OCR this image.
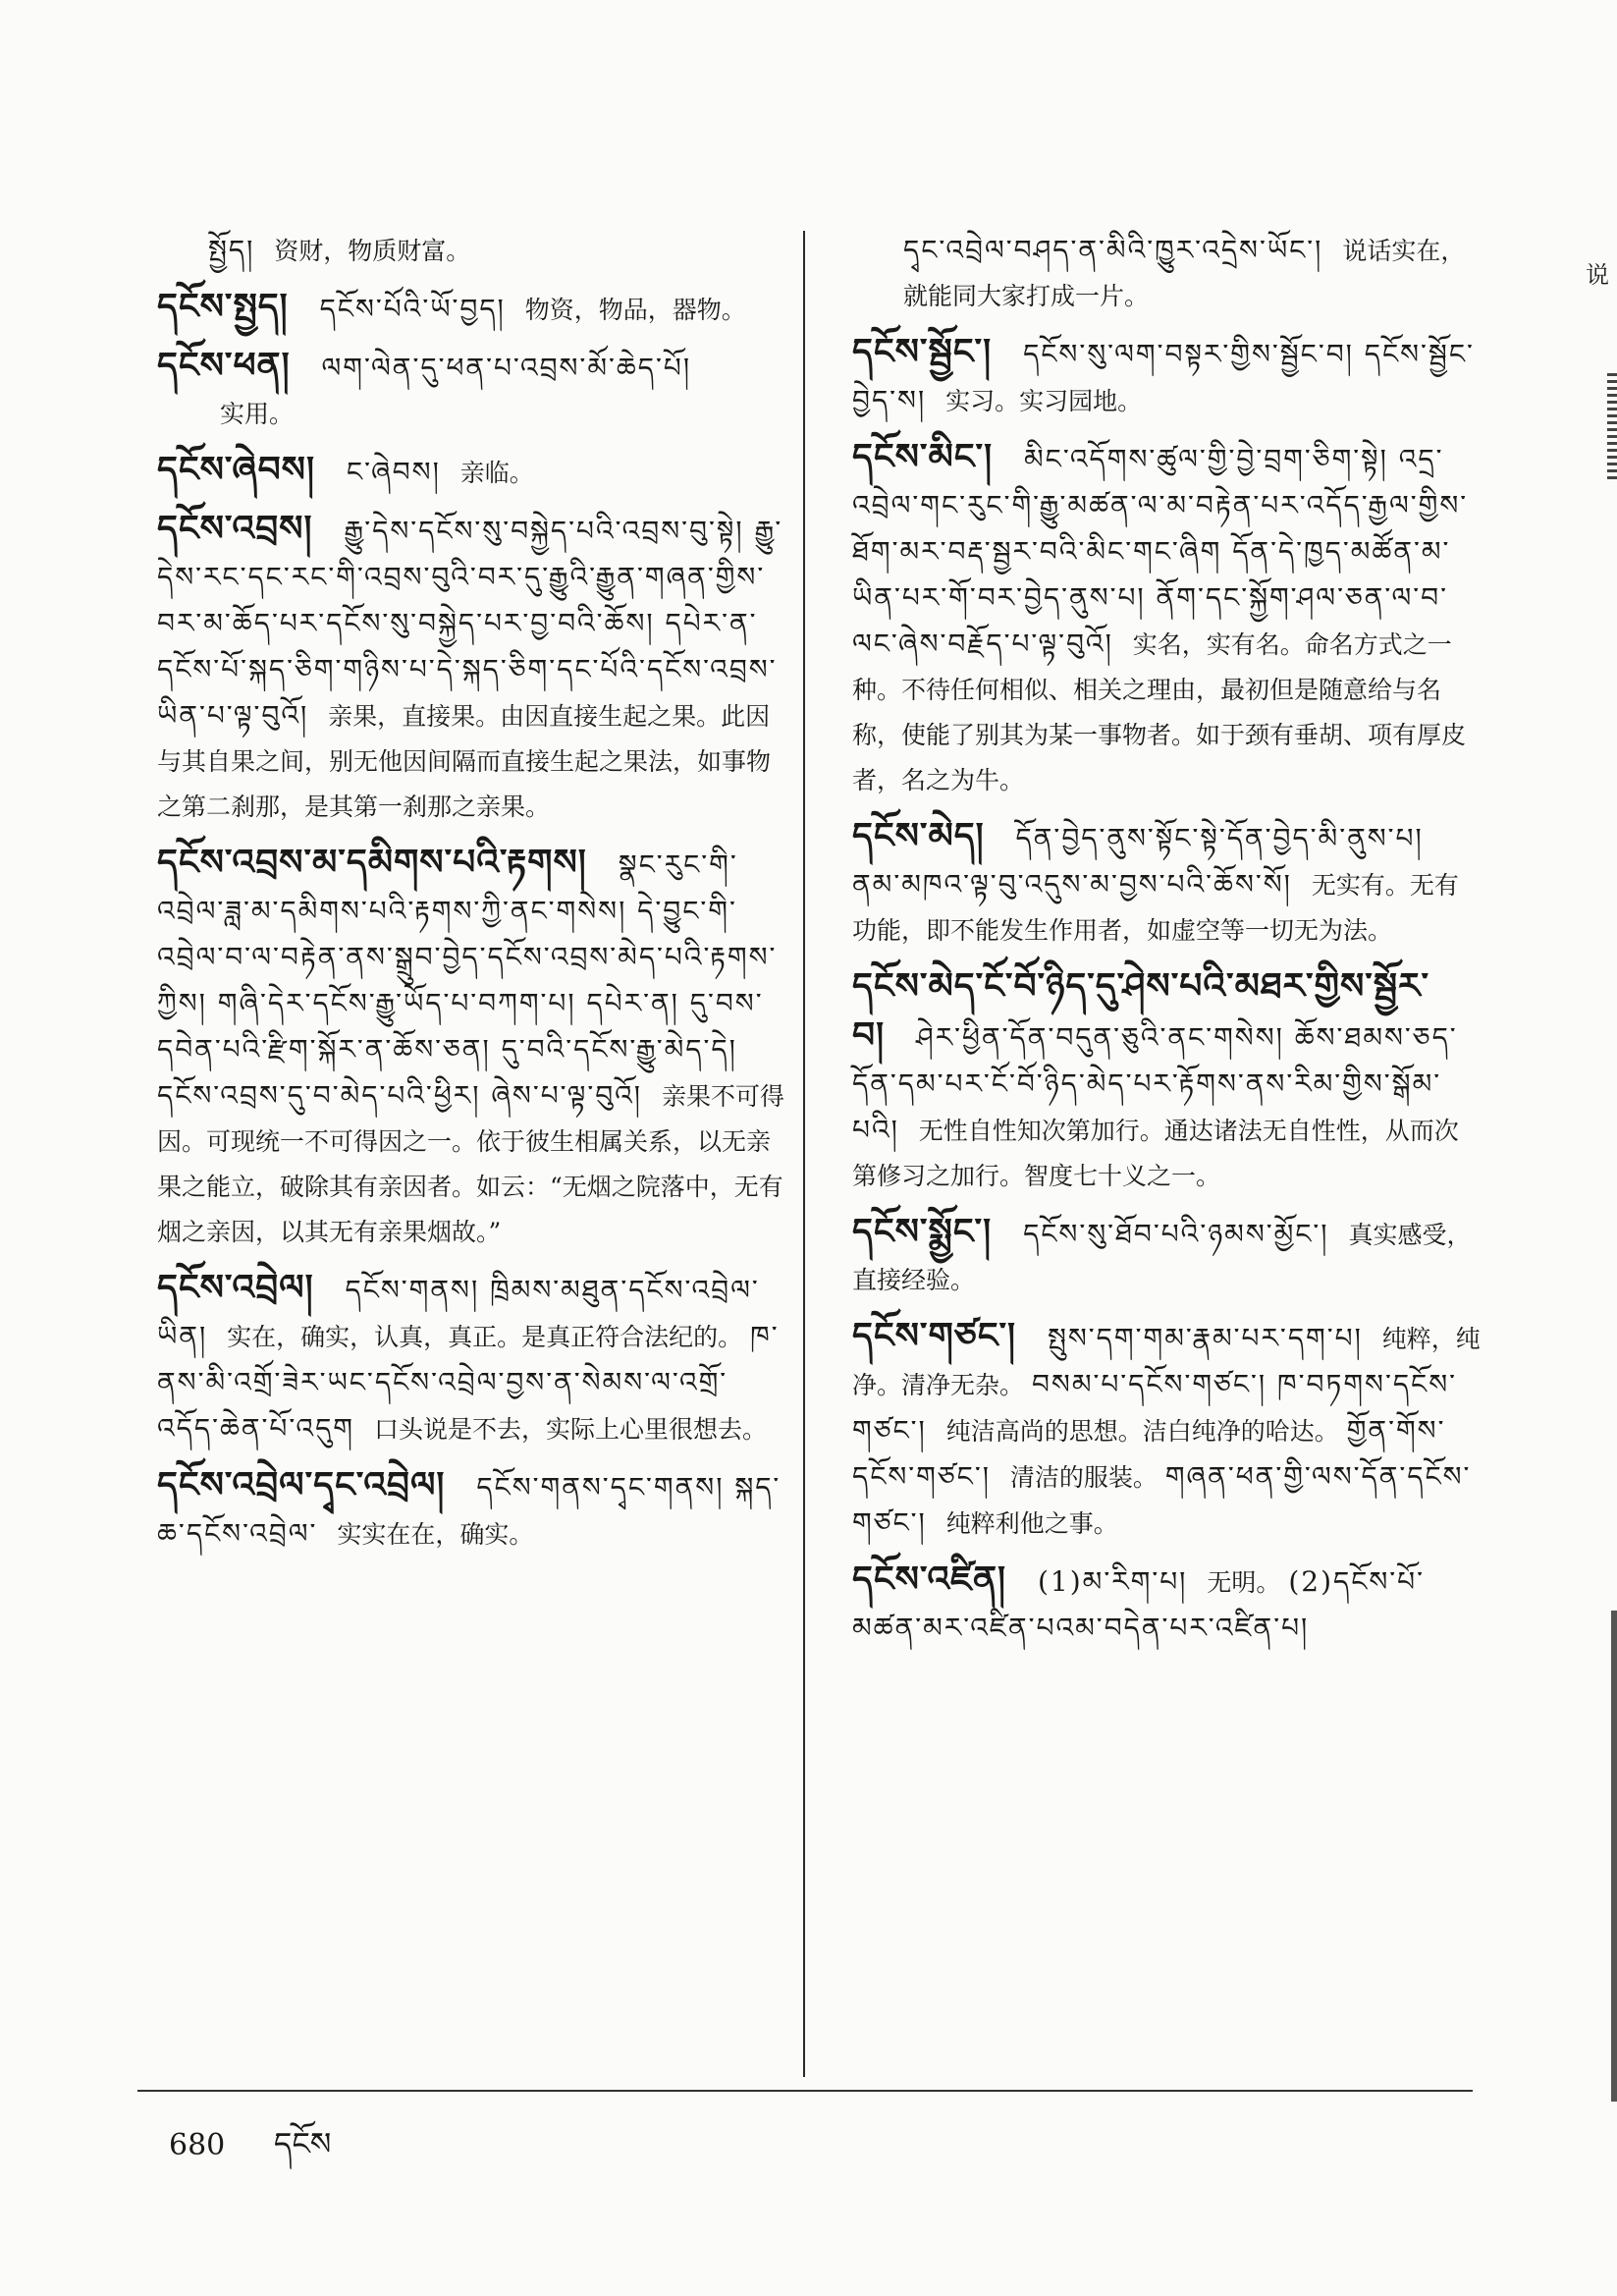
སྤྱོད། 资财，物质财富。
དངོས་སྤྱད། དངོས་པོའི་ཡོ་བྱད། 物资，物品，器物。
དངོས་ཕན། ལག་ལེན་དུ་ཕན་པ་འབྲས་མོ་ཆེད་པོ།
实用。
དངོས་ཞེབས། ང་ཞེབས། 亲临。
དངོས་འབྲས། རྒྱུ་དེས་དངོས་སུ་བསྐྱེད་པའི་འབྲས་བུ་སྟེ། རྒྱུ་དེས་རང་དང་རང་གི་འབྲས་བུའི་བར་དུ་རྒྱུའི་རྒྱུན་གཞན་གྱིས་བར་མ་ཆོད་པར་དངོས་སུ་བསྐྱེད་པར་བྱ་བའི་ཆོས། དཔེར་ན་དངོས་པོ་སྐད་ཅིག་གཉིས་པ་དེ་སྐད་ཅིག་དང་པོའི་དངོས་འབྲས་ཡིན་པ་ལྟ་བུའོ། 亲果，直接果。由因直接生起之果。此因与其自果之间，别无他因间隔而直接生起之果法，如事物之第二刹那，是其第一刹那之亲果。
དངོས་འབྲས་མ་དམིགས་པའི་རྟགས། སྣང་རུང་གི་འབྲེལ་ཟླ་མ་དམིགས་པའི་རྟགས་ཀྱི་ནང་གསེས། དེ་བྱུང་གི་འབྲེལ་བ་ལ་བརྟེན་ནས་སྒྲུབ་བྱེད་དངོས་འབྲས་མེད་པའི་རྟགས་ཀྱིས། གཞི་དེར་དངོས་རྒྱུ་ཡོད་པ་བཀག་པ། དཔེར་ན། དུ་བས་དབེན་པའི་རྫིག་སྐོར་ན་ཆོས་ཅན། དུ་བའི་དངོས་རྒྱུ་མེད་དེ། དངོས་འབྲས་དུ་བ་མེད་པའི་ཕྱིར། ཞེས་པ་ལྟ་བུའོ། 亲果不可得因。可现统一不可得因之一。依于彼生相属关系，以无亲果之能立，破除其有亲因者。如云：“无烟之院落中，无有烟之亲因，以其无有亲果烟故。”
དངོས་འབྲེལ། དངོས་གནས། ཁྲིམས་མཐུན་དངོས་འབྲེལ་ཡིན། 实在，确实，认真，真正。是真正符合法纪的。 ཁ་ནས་མི་འགྲོ་ཟེར་ཡང་དངོས་འབྲེལ་བྱས་ན་སེམས་ལ་འགྲོ་འདོད་ཆེན་པོ་འདུག 口头说是不去，实际上心里很想去。
དངོས་འབྲེལ་དྭང་འབྲེལ། དངོས་གནས་དྭང་གནས། སྐད་ཆ་དངོས་འབྲེལ་ 实实在在，确实。
དྭང་འབྲེལ་བཤད་ན་མིའི་ཁྱུར་འདྲེས་ཡོང་། 说话实在，就能同大家打成一片。
དངོས་སྦྱོང་། དངོས་སུ་ལག་བསྟར་གྱིས་སྦྱོང་བ། དངོས་སྦྱོང་བྱེད་ས། 实习。实习园地。
དངོས་མིང་། མིང་འདོགས་ཚུལ་གྱི་བྱེ་བྲག་ཅིག་སྟེ། འདྲ་འབྲེལ་གང་རུང་གི་རྒྱུ་མཚན་ལ་མ་བརྟེན་པར་འདོད་རྒྱལ་གྱིས་ཐོག་མར་བརྡ་སྦྱར་བའི་མིང་གང་ཞིག དོན་དེ་ཁྱད་མཚོན་མ་ཡིན་པར་གོ་བར་བྱེད་ནུས་པ། ནོག་དང་སྐྱོག་ཤལ་ཅན་ལ་བ་ལང་ཞེས་བརྗོད་པ་ལྟ་བུའོ། 实名，实有名。命名方式之一种。不待任何相似、相关之理由，最初但是随意给与名称，使能了别其为某一事物者。如于颈有垂胡、项有厚皮者，名之为牛。
དངོས་མེད། དོན་བྱེད་ནུས་སྟོང་སྟེ་དོན་བྱེད་མི་ནུས་པ། ནམ་མཁའ་ལྟ་བུ་འདུས་མ་བྱས་པའི་ཆོས་སོ། 无实有。无有功能，即不能发生作用者，如虚空等一切无为法。
དངོས་མེད་ངོ་བོ་ཉིད་དུ་ཤེས་པའི་མཐར་གྱིས་སྦྱོར་བ། ཤེར་ཕྱིན་དོན་བདུན་ཅུའི་ནང་གསེས། ཆོས་ཐམས་ཅད་དོན་དམ་པར་ངོ་བོ་ཉིད་མེད་པར་རྟོགས་ནས་རིམ་གྱིས་སྒོམ་པའི། 无性自性知次第加行。通达诸法无自性性，从而次第修习之加行。智度七十义之一。
དངོས་སྨྱོང་། དངོས་སུ་ཐོབ་པའི་ཉམས་མྱོང་། 真实感受，直接经验。
དངོས་གཙང་། སྤུས་དག་གམ་རྣམ་པར་དག་པ། 纯粹，纯净。清净无杂。 བསམ་པ་དངོས་གཙང་། ཁ་བཏགས་དངོས་གཙང་། 纯洁高尚的思想。洁白纯净的哈达。 གྱོན་གོས་དངོས་གཙང་། 清洁的服装。 གཞན་ཕན་གྱི་ལས་དོན་དངོས་གཙང་། 纯粹利他之事。
དངོས་འཛིན། (1)མ་རིག་པ། 无明。 (2)དངོས་པོ་མཚན་མར་འཛིན་པའམ་བདེན་པར་འཛིན་པ།
说
680 དངོས
